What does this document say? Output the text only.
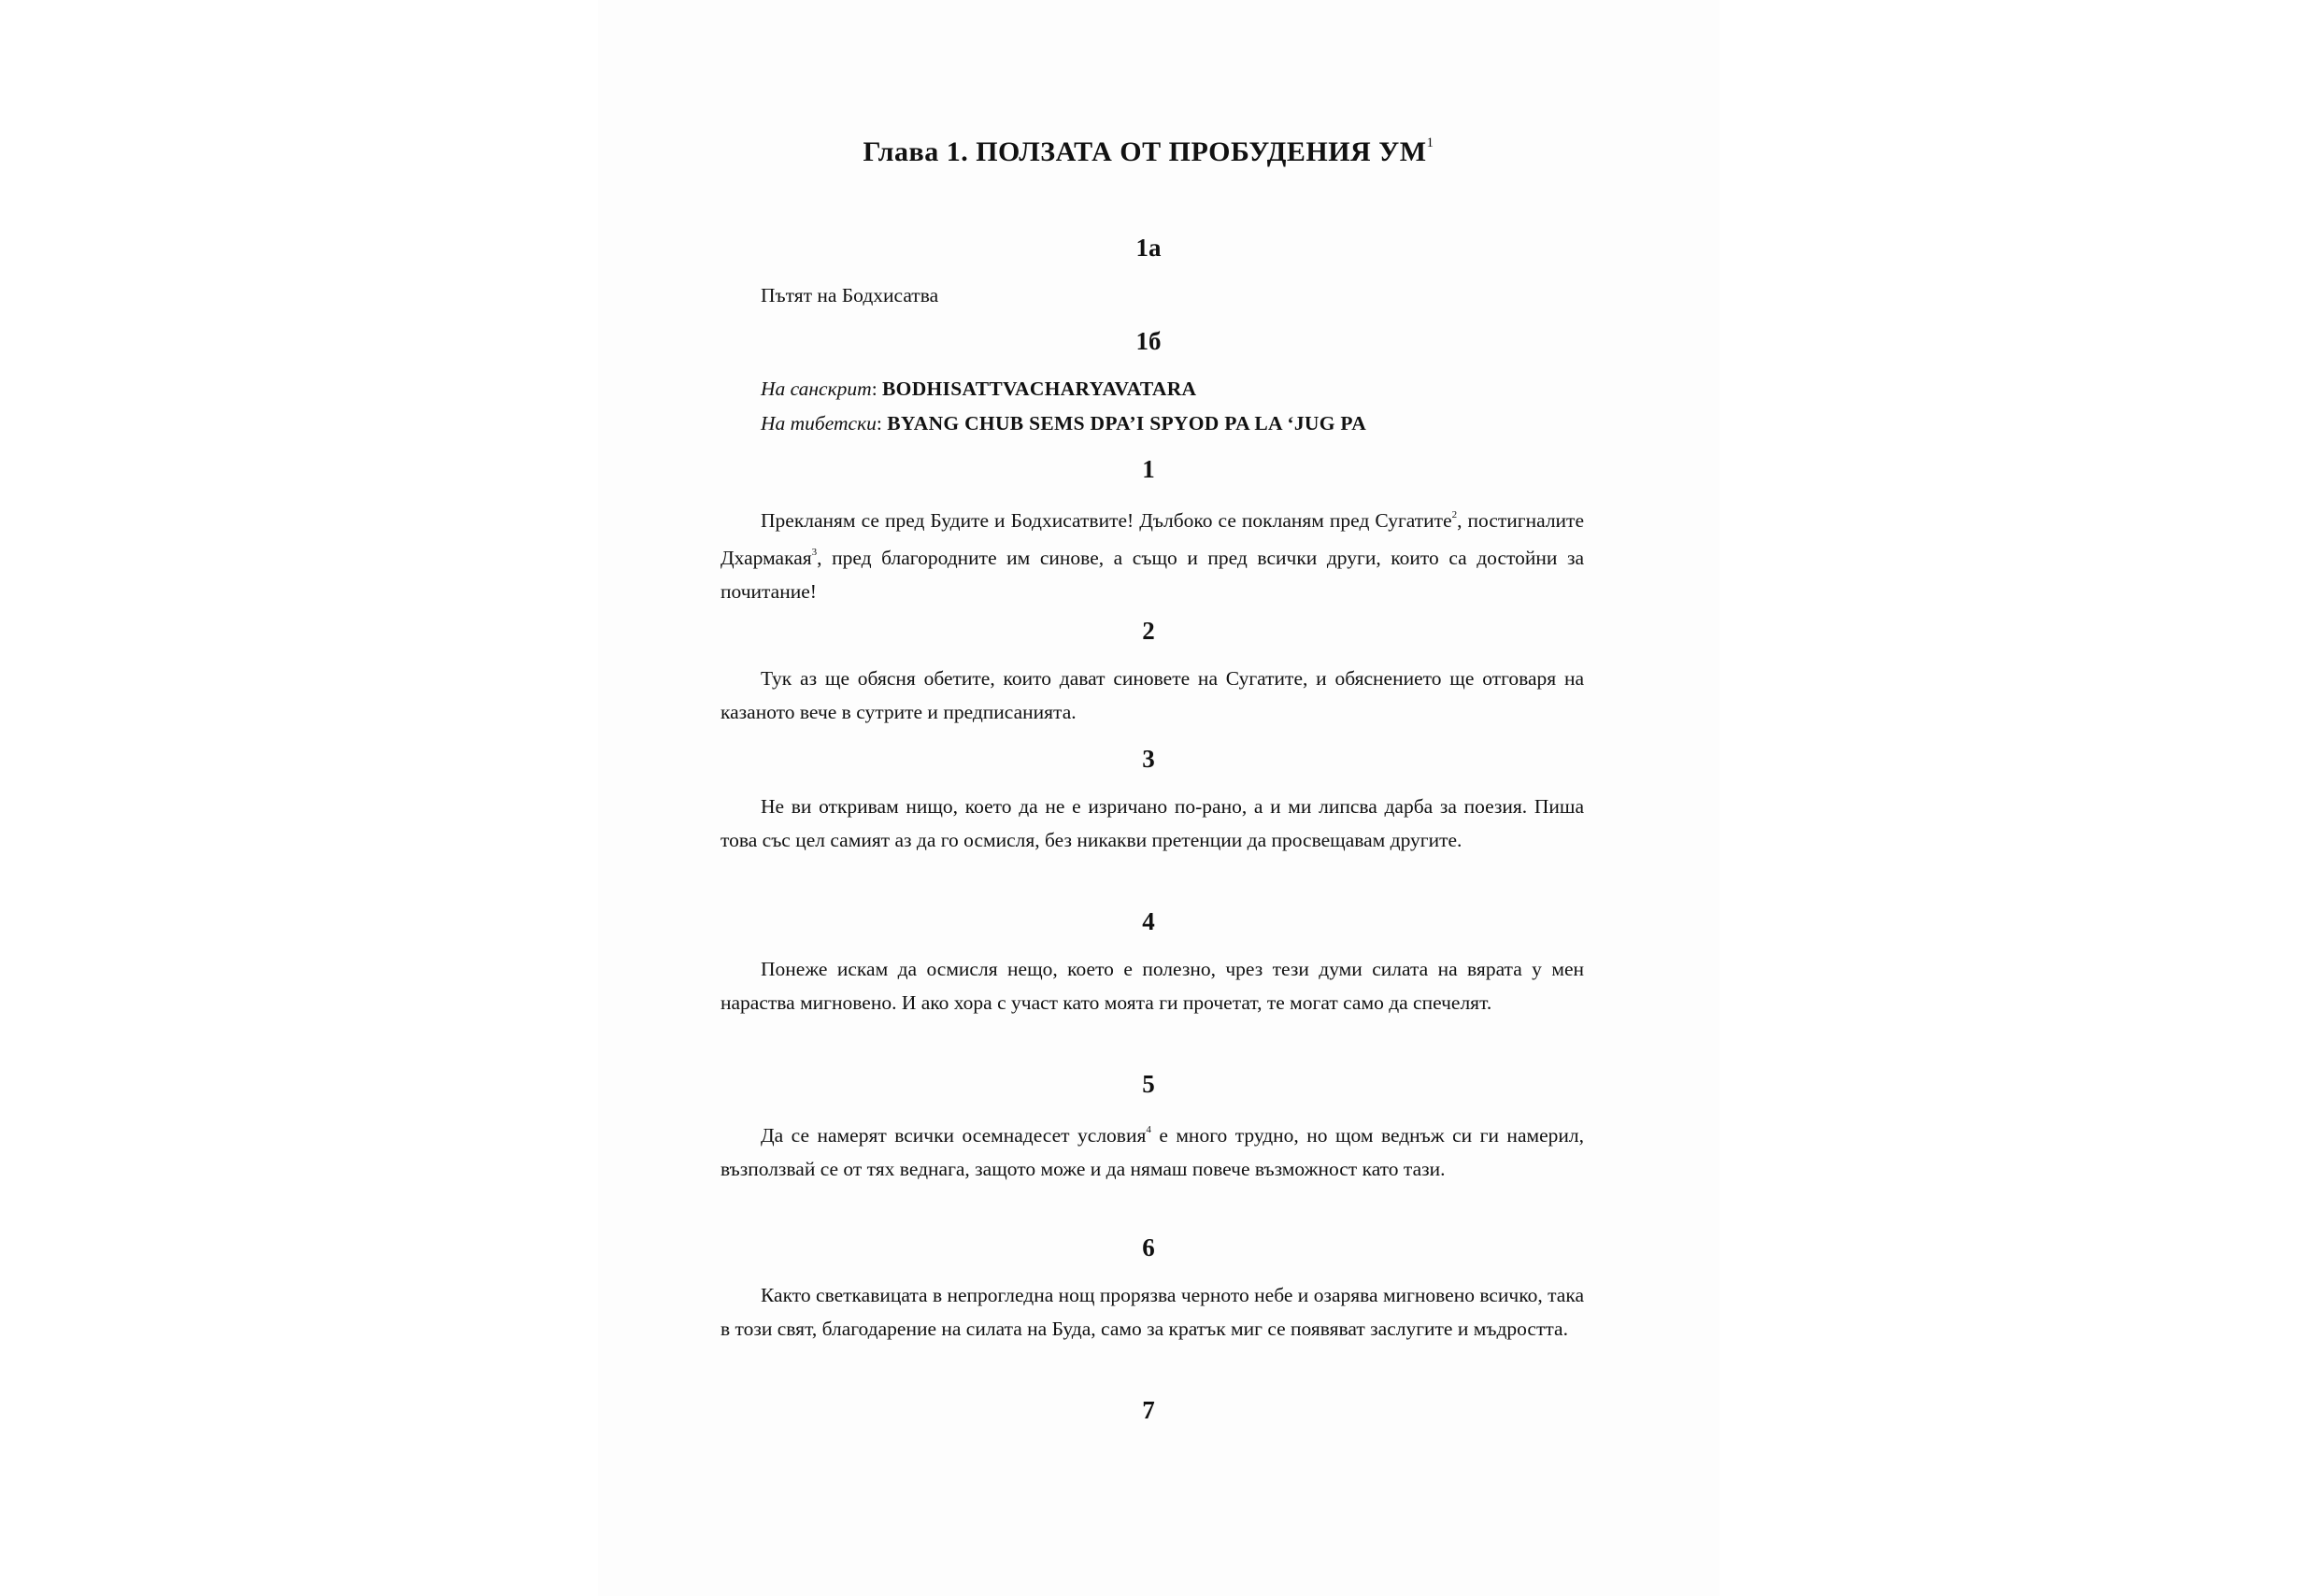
Глава 1. ПОЛЗАТА ОТ ПРОБУДЕНИЯ $УМ^1$
1а
Пътят на Бодхисатва
1б
На санскрит: BODHISATTVACHARYAVATARA
На тибетски: BYANG CHUB SEMS DPA’I SPYOD PA LA ‘JUG PA
1

Прекланям се пред Будите и Бодхисатвите! Дълбоко се покланям пред Сугатите$^2$, постигналите Дхармакая$^3$, пред благородните им синове, а също и пред всички други, които са достойни за почитание!

2

Тук аз ще обясня обетите, които дават синовете на Сугатите, и обяснението ще отговаря на казаното вече в сутрите и предписанията.

3

Не ви откривам нищо, което да не е изричано по-рано, а и ми липсва дарба за поезия. Пиша това със цел самият аз да го осмисля, без никакви претенции да просвещавам другите.

4

Понеже искам да осмисля нещо, което е полезно, чрез тези думи силата на вярата у мен нараства мигновено. И ако хора с участ като моята ги прочетат, те могат само да спечелят.

5

Да се намерят всички осемнадесет условия$^4$ е много трудно, но щом веднъж си ги намерил, възползвай се от тях веднага, защото може и да нямаш повече възможност като тази.

6

Както светкавицата в непрогледна нощ прорязва черното небе и озарява мигновено всичко, така в този свят, благодарение на силата на Буда, само за кратък миг се появяват заслугите и мъдростта.

7
